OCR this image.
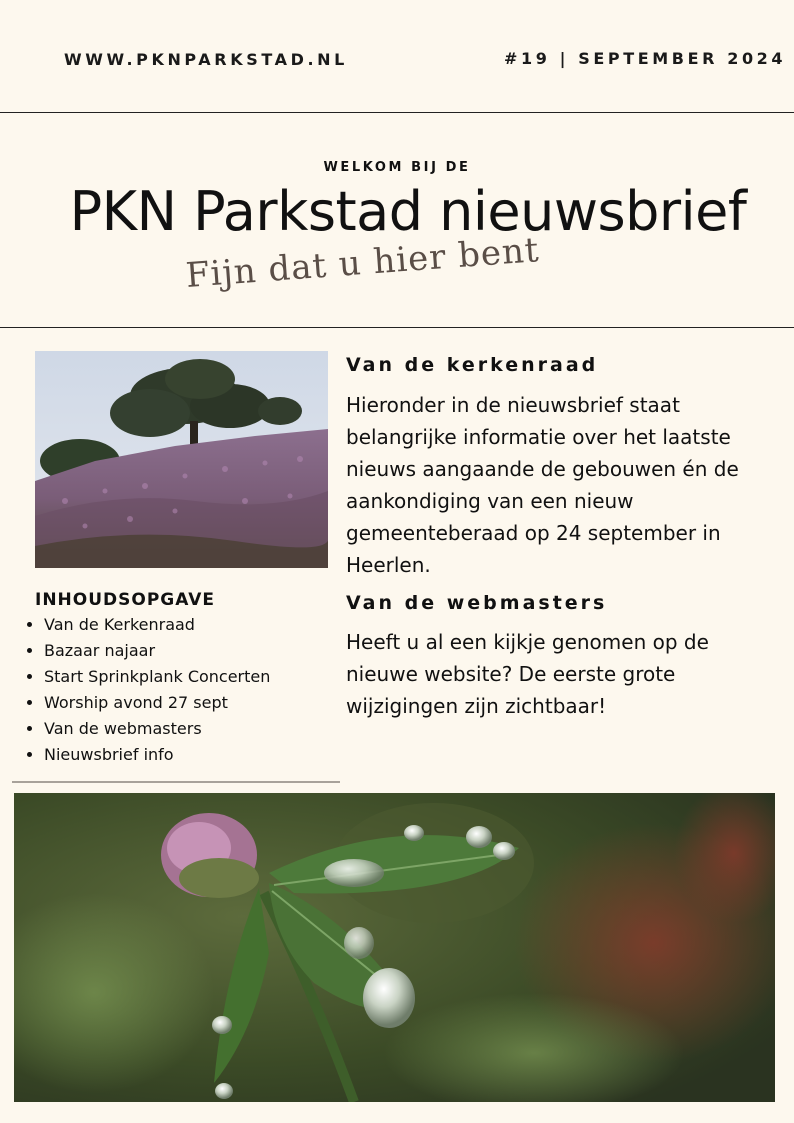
WWW.PKNPARKSTAD.NL	#19 | SEPTEMBER 2024
WELKOM BIJ DE
PKN Parkstad nieuwsbrief
Fijn dat u hier bent
INHOUDSOPGAVE
• Van de Kerkenraad
• Bazaar najaar
• Start Sprinkplank Concerten
• Worship avond 27 sept
• Van de webmasters
• Nieuwsbrief info
Van de kerkenraad
Hieronder in de nieuwsbrief staat belangrijke informatie over het laatste nieuws aangaande de gebouwen én de aankondiging van een nieuw gemeenteberaad op 24 september in Heerlen.
Van de webmasters
Heeft u al een kijkje genomen op de nieuwe website? De eerste grote wijzigingen zijn zichtbaar!
